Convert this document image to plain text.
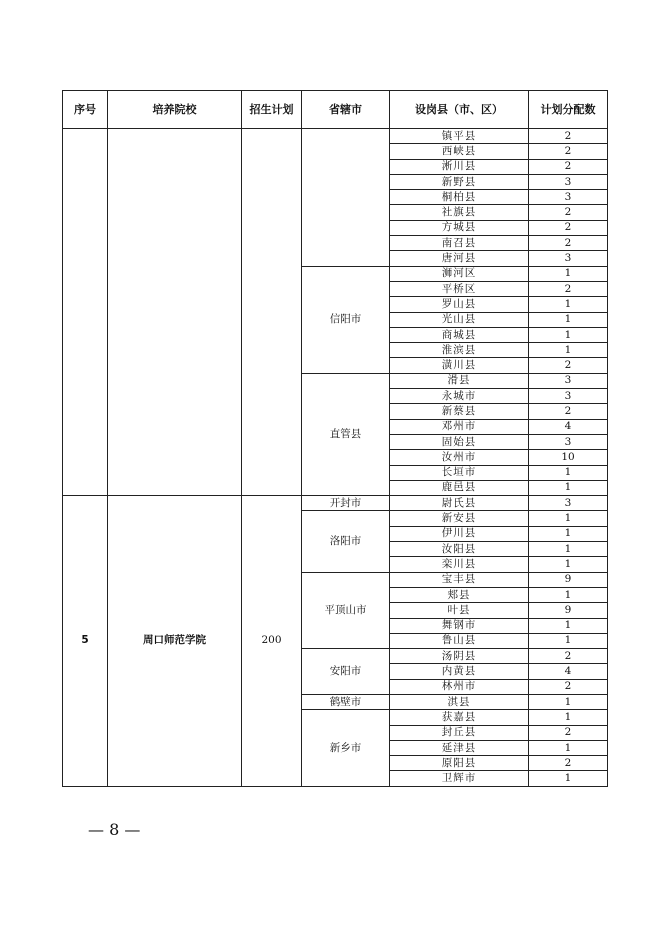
序号	培养院校	招生计划	省辖市	设岗县（市、区）	计划分配数
				镇平县	2
				西峡县	2
				淅川县	2
				新野县	3
				桐柏县	3
				社旗县	2
				方城县	2
				南召县	2
				唐河县	3
			信阳市	浉河区	1
				平桥区	2
				罗山县	1
				光山县	1
				商城县	1
				淮滨县	1
				潢川县	2
			直管县	滑县	3
				永城市	3
				新蔡县	2
				邓州市	4
				固始县	3
				汝州市	10
				长垣市	1
				鹿邑县	1
5	周口师范学院	200	开封市	尉氏县	3
			洛阳市	新安县	1
				伊川县	1
				汝阳县	1
				栾川县	1
			平顶山市	宝丰县	9
				郏县	1
				叶县	9
				舞钢市	1
				鲁山县	1
			安阳市	汤阴县	2
				内黄县	4
				林州市	2
			鹤壁市	淇县	1
			新乡市	获嘉县	1
				封丘县	2
				延津县	1
				原阳县	2
				卫辉市	1
— 8 —
